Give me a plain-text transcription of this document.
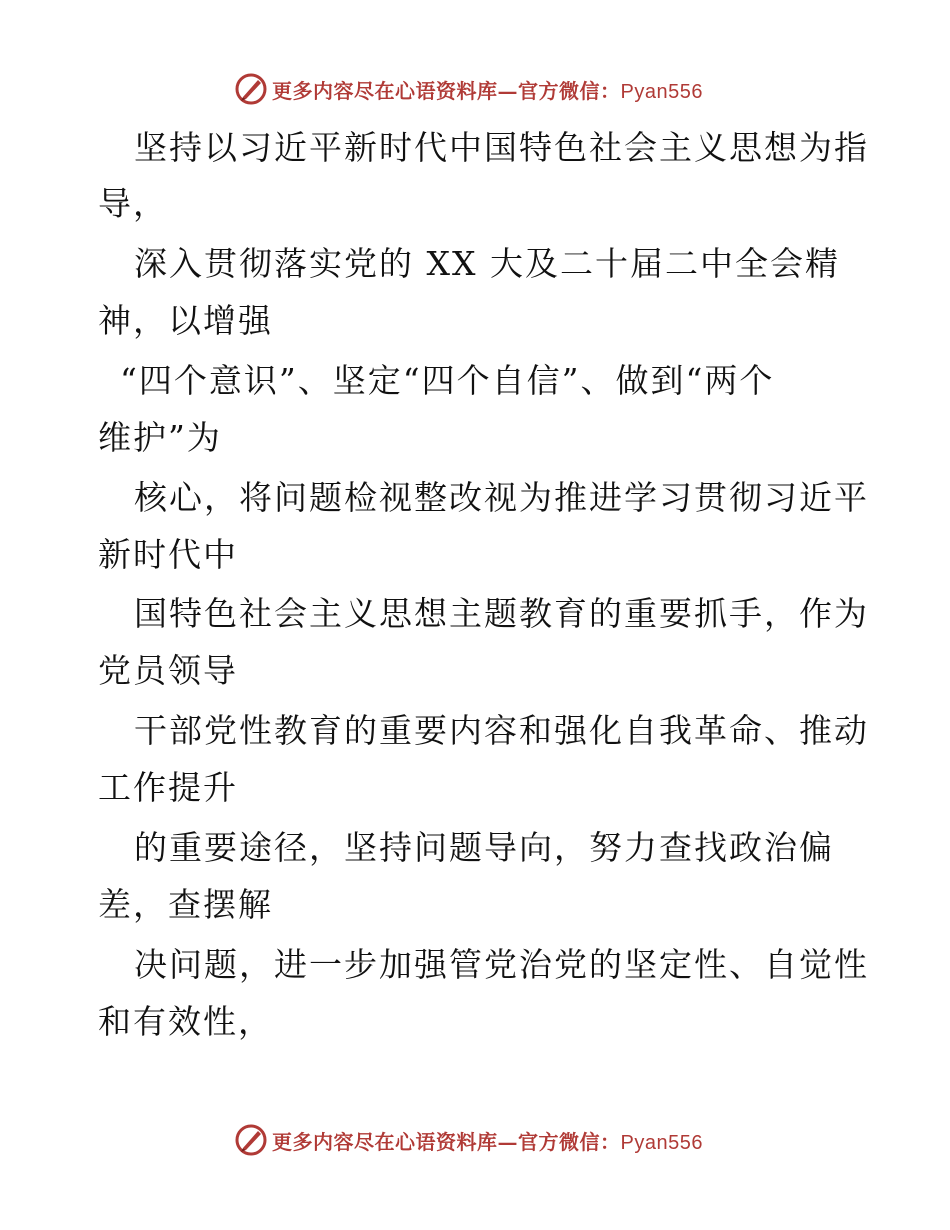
更多内容尽在心语资料库—官方微信：Pyan556
坚持以习近平新时代中国特色社会主义思想为指
导，
深入贯彻落实党的 XX 大及二十届二中全会精
神，以增强
“四个意识”、坚定“四个自信”、做到“两个
维护”为
核心，将问题检视整改视为推进学习贯彻习近平
新时代中
国特色社会主义思想主题教育的重要抓手，作为
党员领导
干部党性教育的重要内容和强化自我革命、推动
工作提升
的重要途径，坚持问题导向，努力查找政治偏
差，查摆解
决问题，进一步加强管党治党的坚定性、自觉性
和有效性，
更多内容尽在心语资料库—官方微信：Pyan556
